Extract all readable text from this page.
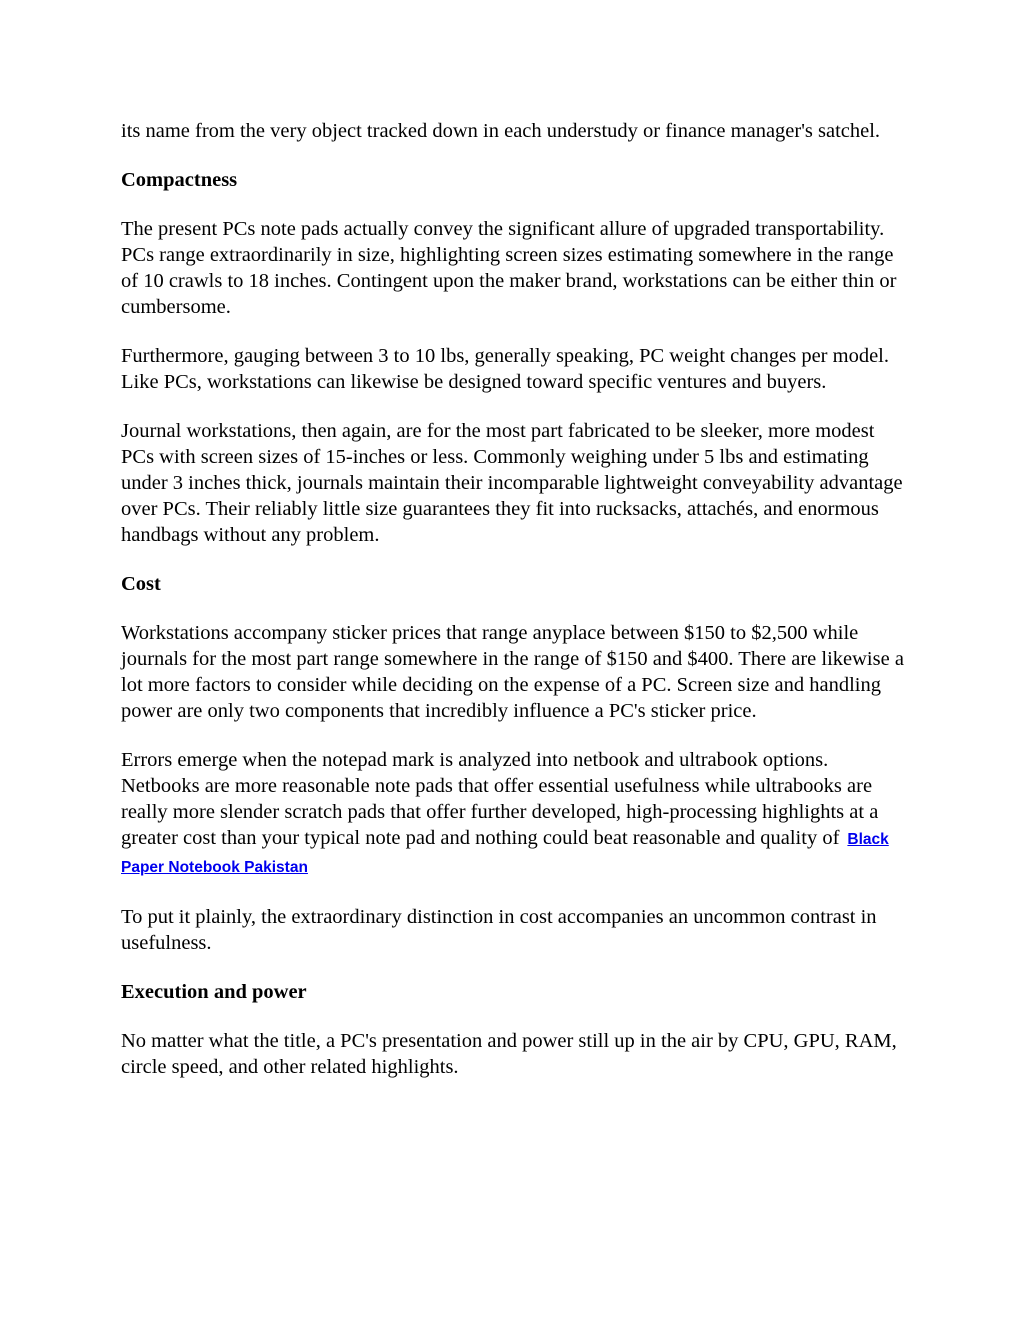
its name from the very object tracked down in each understudy or finance manager's satchel.

Compactness

The present PCs note pads actually convey the significant allure of upgraded transportability. PCs range extraordinarily in size, highlighting screen sizes estimating somewhere in the range of 10 crawls to 18 inches. Contingent upon the maker brand, workstations can be either thin or cumbersome.

Furthermore, gauging between 3 to 10 lbs, generally speaking, PC weight changes per model. Like PCs, workstations can likewise be designed toward specific ventures and buyers.

Journal workstations, then again, are for the most part fabricated to be sleeker, more modest PCs with screen sizes of 15-inches or less. Commonly weighing under 5 lbs and estimating under 3 inches thick, journals maintain their incomparable lightweight conveyability advantage over PCs. Their reliably little size guarantees they fit into rucksacks, attachés, and enormous handbags without any problem.

Cost

Workstations accompany sticker prices that range anyplace between $150 to $2,500 while journals for the most part range somewhere in the range of $150 and $400. There are likewise a lot more factors to consider while deciding on the expense of a PC. Screen size and handling power are only two components that incredibly influence a PC's sticker price.

Errors emerge when the notepad mark is analyzed into netbook and ultrabook options. Netbooks are more reasonable note pads that offer essential usefulness while ultrabooks are really more slender scratch pads that offer further developed, high-processing highlights at a greater cost than your typical note pad and nothing could beat reasonable and quality of Black Paper Notebook Pakistan

To put it plainly, the extraordinary distinction in cost accompanies an uncommon contrast in usefulness.

Execution and power

No matter what the title, a PC's presentation and power still up in the air by CPU, GPU, RAM, circle speed, and other related highlights.
